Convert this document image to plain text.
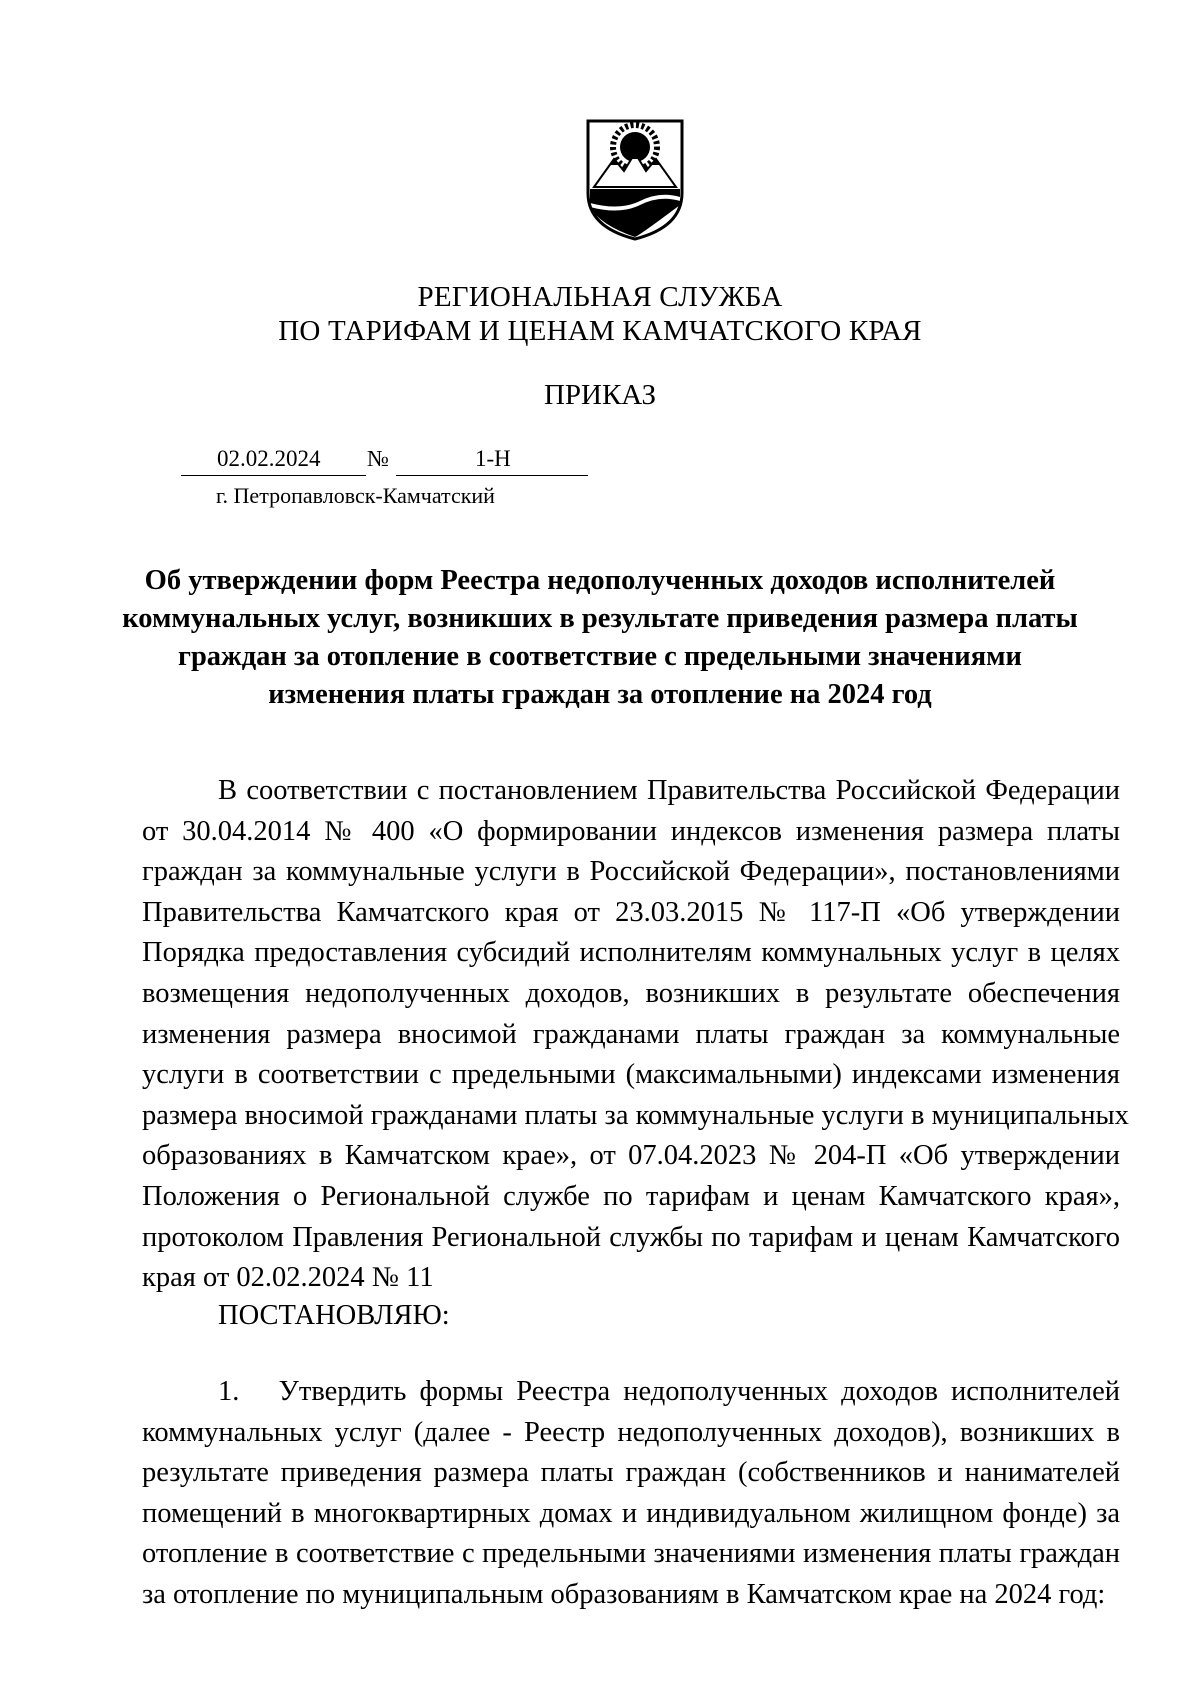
РЕГИОНАЛЬНАЯ СЛУЖБА
ПО ТАРИФАМ И ЦЕНАМ КАМЧАТСКОГО КРАЯ
ПРИКАЗ
02.02.2024 №	1-Н
г. Петропавловск-Камчатский
Об утверждении форм Реестра недополученных доходов исполнителей
коммунальных услуг, возникших в результате приведения размера платы
граждан за отопление в соответствие с предельными значениями
изменения платы граждан за отопление на 2024 год
В соответствии с постановлением Правительства Российской Федерации
от 30.04.2014 № 400 «О формировании индексов изменения размера платы
граждан за коммунальные услуги в Российской Федерации», постановлениями
Правительства Камчатского края от 23.03.2015 № 117-П «Об утверждении
Порядка предоставления субсидий исполнителям коммунальных услуг в целях
возмещения недополученных доходов, возникших в результате обеспечения
изменения размера вносимой гражданами платы граждан за коммунальные
услуги в соответствии с предельными (максимальными) индексами изменения
размера вносимой гражданами платы за коммунальные услуги в муниципальных
образованиях в Камчатском крае», от 07.04.2023 № 204-П «Об утверждении
Положения о Региональной службе по тарифам и ценам Камчатского края»,
протоколом Правления Региональной службы по тарифам и ценам Камчатского
края от 02.02.2024 № 11
ПОСТАНОВЛЯЮ:
1.   Утвердить формы Реестра недополученных доходов исполнителей
коммунальных услуг (далее - Реестр недополученных доходов), возникших в
результате приведения размера платы граждан (собственников и нанимателей
помещений в многоквартирных домах и индивидуальном жилищном фонде) за
отопление в соответствие с предельными значениями изменения платы граждан
за отопление по муниципальным образованиям в Камчатском крае на 2024 год:
